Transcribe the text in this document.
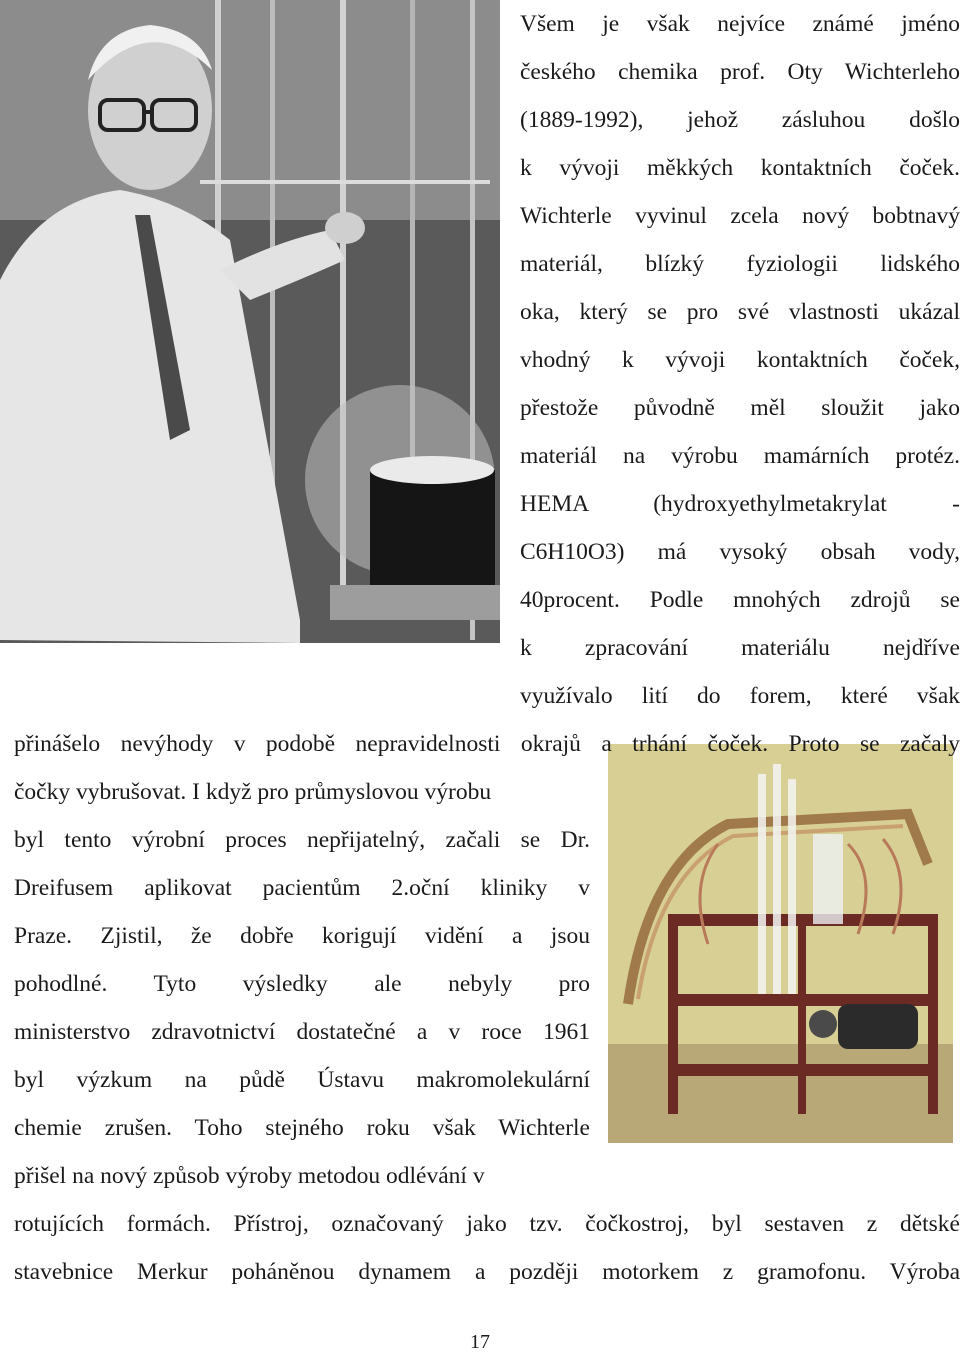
Všem je však nejvíce známé jméno
českého chemika prof. Oty Wichterleho
(1889-1992), jehož zásluhou došlo
k vývoji měkkých kontaktních čoček.
Wichterle vyvinul zcela nový bobtnavý
materiál, blízký fyziologii lidského
oka, který se pro své vlastnosti ukázal
vhodný k vývoji kontaktních čoček,
přestože původně měl sloužit jako
materiál na výrobu mamárních protéz.
HEMA (hydroxyethylmetakrylat -
C6H10O3) má vysoký obsah vody,
40procent. Podle mnohých zdrojů se
k zpracování materiálu nejdříve
využívalo lití do forem, které však
přinášelo nevýhody v podobě nepravidelnosti okrajů a trhání čoček. Proto se začaly
čočky vybrušovat. I když pro průmyslovou výrobu
byl tento výrobní proces nepřijatelný, začali se Dr.
Dreifusem aplikovat pacientům 2.oční kliniky v
Praze. Zjistil, že dobře korigují vidění a jsou
pohodlné. Tyto výsledky ale nebyly pro
ministerstvo zdravotnictví dostatečné a v roce 1961
byl výzkum na půdě Ústavu makromolekulární
chemie zrušen. Toho stejného roku však Wichterle
přišel na nový způsob výroby metodou odlévání v
rotujících formách. Přístroj, označovaný jako tzv. čočkostroj, byl sestaven z dětské
stavebnice Merkur poháněnou dynamem a později motorkem z gramofonu. Výroba
17
